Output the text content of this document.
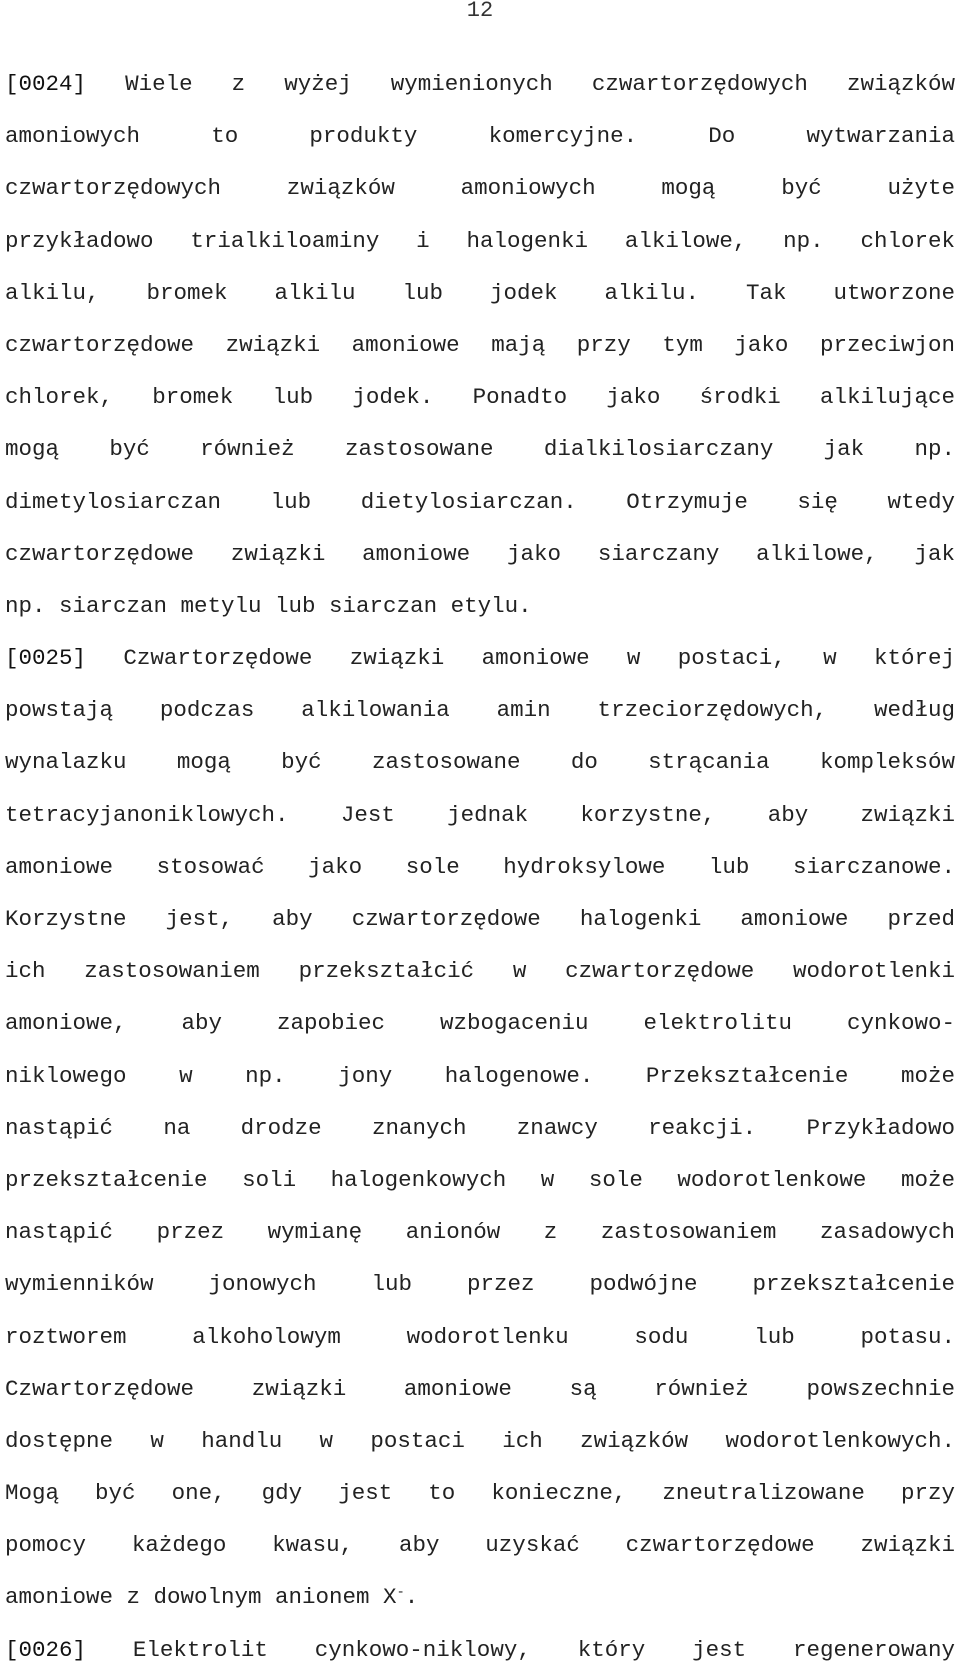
12
[0024] Wiele z wyżej wymienionych czwartorzędowych związków
amoniowych to produkty komercyjne. Do wytwarzania
czwartorzędowych związków amoniowych mogą być użyte
przykładowo trialkiloaminy i halogenki alkilowe, np. chlorek
alkilu, bromek alkilu lub jodek alkilu. Tak utworzone
czwartorzędowe związki amoniowe mają przy tym jako przeciwjon
chlorek, bromek lub jodek. Ponadto jako środki alkilujące
mogą być również zastosowane dialkilosiarczany jak np.
dimetylosiarczan lub dietylosiarczan. Otrzymuje się wtedy
czwartorzędowe związki amoniowe jako siarczany alkilowe, jak
np. siarczan metylu lub siarczan etylu.
[0025] Czwartorzędowe związki amoniowe w postaci, w której
powstają podczas alkilowania amin trzeciorzędowych, według
wynalazku mogą być zastosowane do strącania kompleksów
tetracyjanoniklowych. Jest jednak korzystne, aby związki
amoniowe stosować jako sole hydroksylowe lub siarczanowe.
Korzystne jest, aby czwartorzędowe halogenki amoniowe przed
ich zastosowaniem przekształcić w czwartorzędowe wodorotlenki
amoniowe, aby zapobiec wzbogaceniu elektrolitu cynkowo-
niklowego w np. jony halogenowe. Przekształcenie może
nastąpić na drodze znanych znawcy reakcji. Przykładowo
przekształcenie soli halogenkowych w sole wodorotlenkowe może
nastąpić przez wymianę anionów z zastosowaniem zasadowych
wymienników jonowych lub przez podwójne przekształcenie
roztworem alkoholowym wodorotlenku sodu lub potasu.
Czwartorzędowe związki amoniowe są również powszechnie
dostępne w handlu w postaci ich związków wodorotlenkowych.
Mogą być one, gdy jest to konieczne, zneutralizowane przy
pomocy każdego kwasu, aby uzyskać czwartorzędowe związki
amoniowe z dowolnym anionem X-.
[0026] Elektrolit cynkowo-niklowy, który jest regenerowany
